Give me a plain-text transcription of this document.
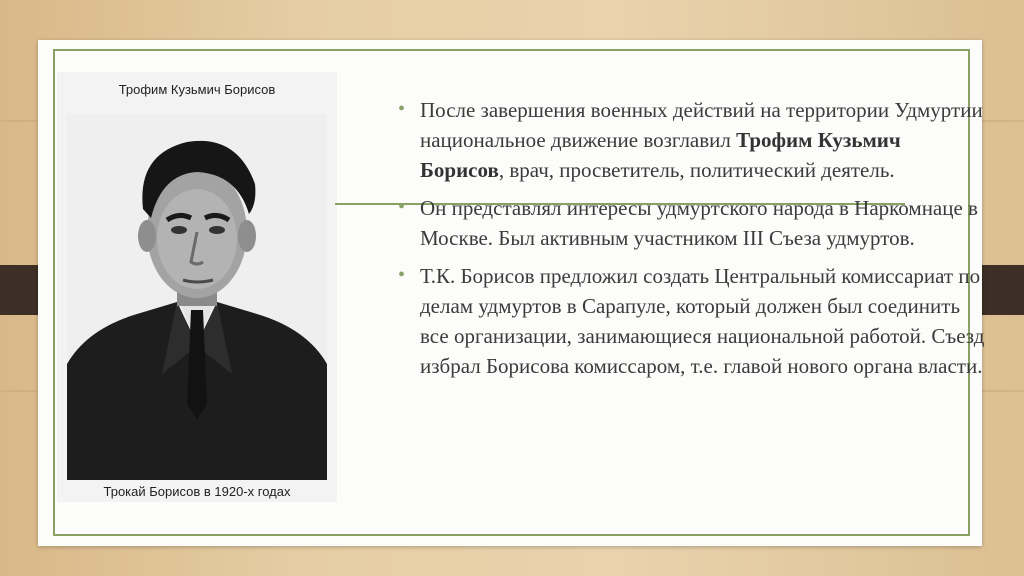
Трофим Кузьмич Борисов
Трокай Борисов в 1920-х годах
• После завершения военных действий на территории Удмуртии национальное движение возглавил Трофим Кузьмич Борисов, врач, просветитель, политический деятель.
• Он представлял интересы удмуртского народа в Наркомнаце в Москве. Был активным участником III Съеза удмуртов.
• Т.К. Борисов предложил создать Центральный комиссариат по делам удмуртов в Сарапуле, который должен был соединить все организации, занимающиеся национальной работой. Съезд избрал Борисова комиссаром, т.е. главой нового органа власти.
